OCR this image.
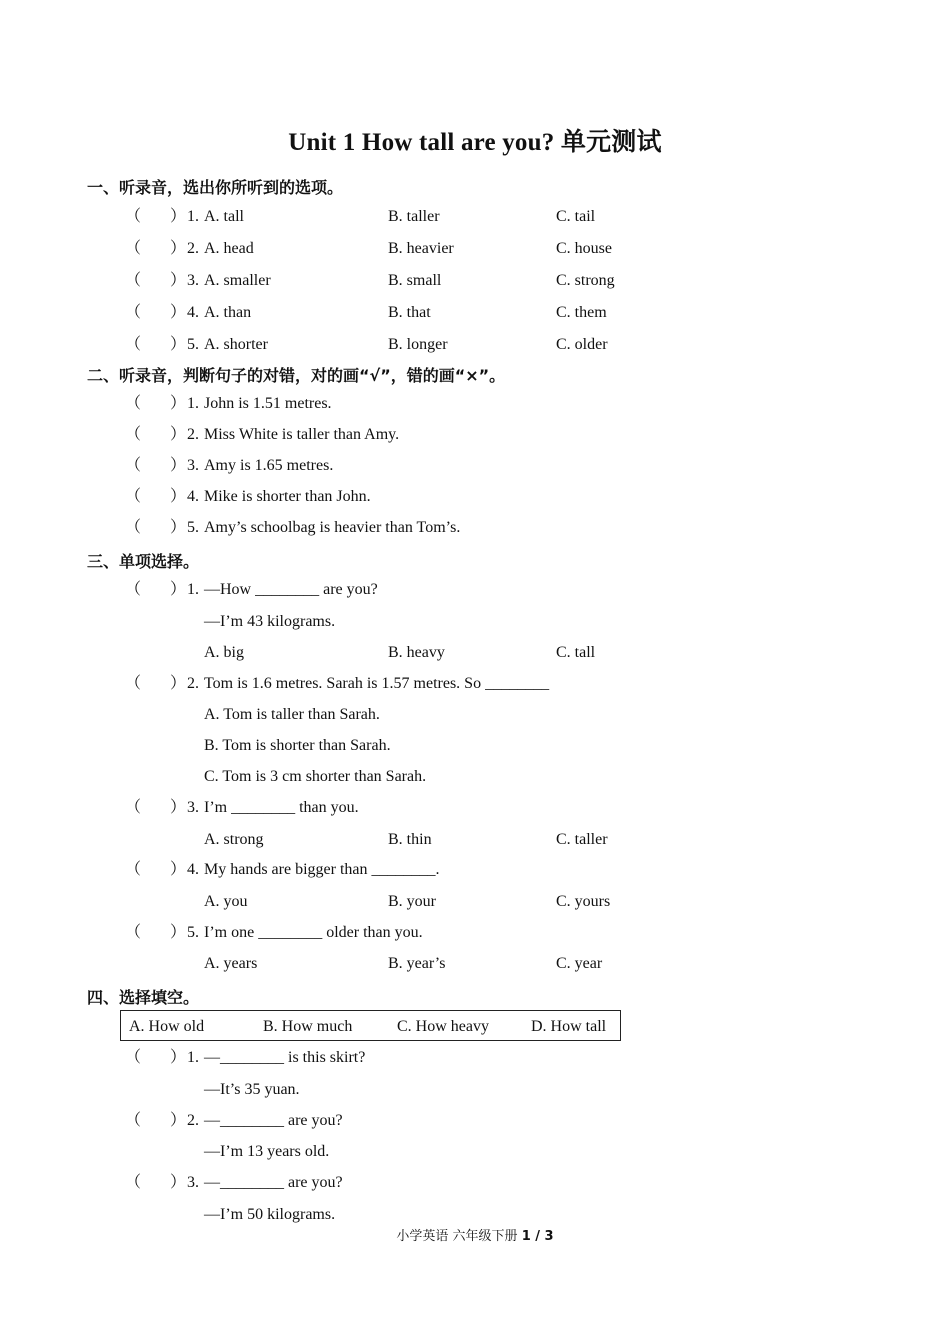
Unit 1 How tall are you? 单元测试
一、听录音，选出你所听到的选项。
（ ） 1. A. tall	B. taller	C. tail
（ ） 2. A. head	B. heavier	C. house
（ ） 3. A. smaller	B. small	C. strong
（ ） 4. A. than	B. that	C. them
（ ） 5. A. shorter	B. longer	C. older
二、听录音，判断句子的对错，对的画“√”，错的画“×”。
（ ） 1. John is 1.51 metres.
（ ） 2. Miss White is taller than Amy.
（ ） 3. Amy is 1.65 metres.
（ ） 4. Mike is shorter than John.
（ ） 5. Amy’s schoolbag is heavier than Tom’s.
三、单项选择。
（ ） 1. —How ________ are you?
—I’m 43 kilograms.
A. big	B. heavy	C. tall
（ ） 2. Tom is 1.6 metres. Sarah is 1.57 metres. So ________
A. Tom is taller than Sarah.
B. Tom is shorter than Sarah.
C. Tom is 3 cm shorter than Sarah.
（ ） 3. I’m ________ than you.
A. strong	B. thin	C. taller
（ ） 4. My hands are bigger than ________.
A. you	B. your	C. yours
（ ） 5. I’m one ________ older than you.
A. years	B. year’s	C. year
四、选择填空。
A. How old	B. How much	C. How heavy	D. How tall
（ ） 1. —________ is this skirt?
—It’s 35 yuan.
（ ） 2. —________ are you?
—I’m 13 years old.
（ ） 3. —________ are you?
—I’m 50 kilograms.
小学英语 六年级下册 1 / 3
